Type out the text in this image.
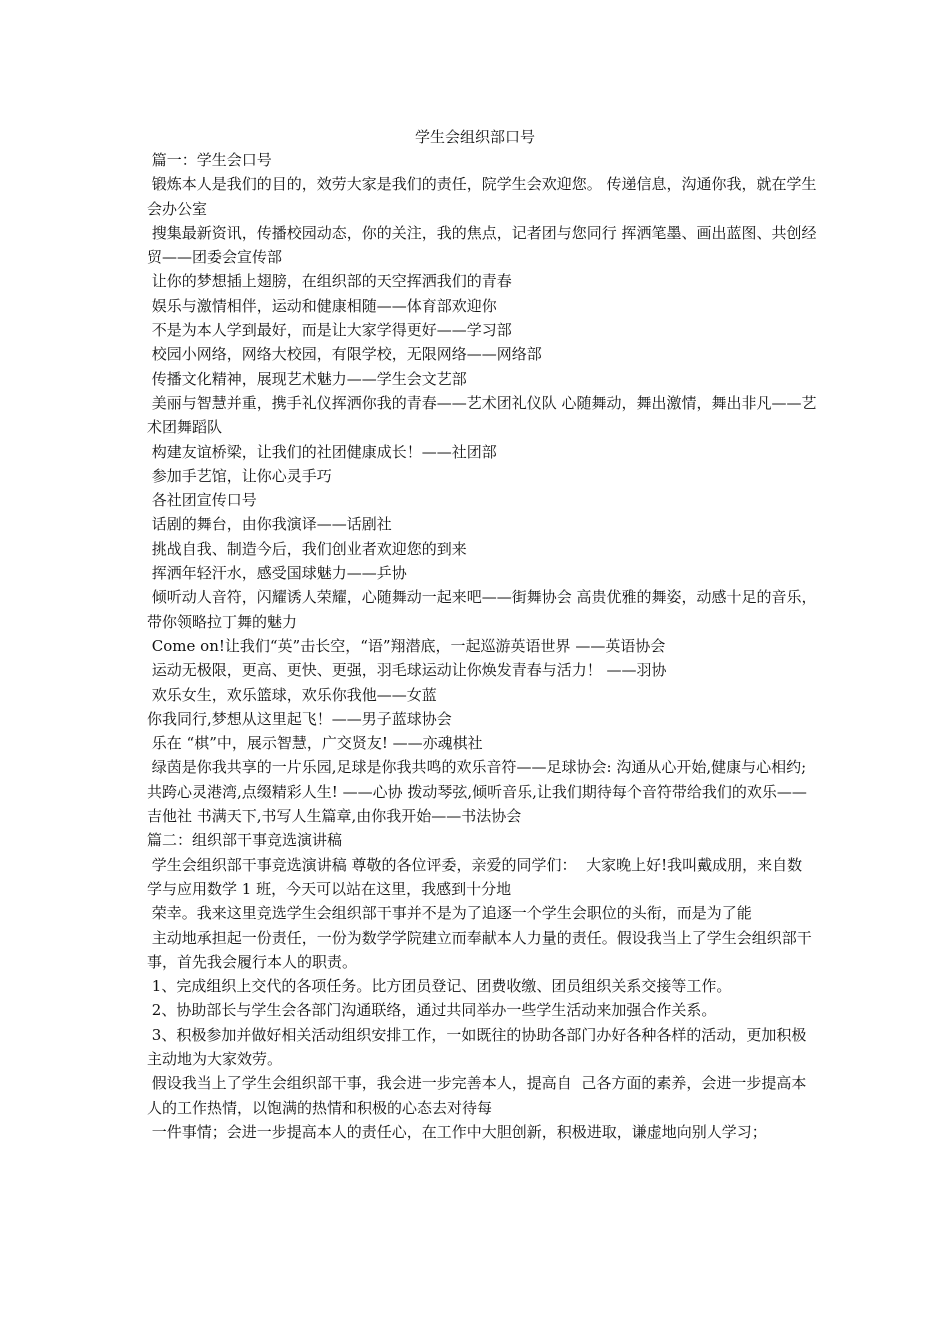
学生会组织部口号

篇一：学生会口号

锻炼本人是我们的目的，效劳大家是我们的责任，院学生会欢迎您。 传递信息，沟通你我，就在学生会办公室

搜集最新资讯，传播校园动态，你的关注，我的焦点，记者团与您同行 挥洒笔墨、画出蓝图、共创经贸——团委会宣传部

让你的梦想插上翅膀，在组织部的天空挥洒我们的青春

娱乐与激情相伴，运动和健康相随——体育部欢迎你

不是为本人学到最好，而是让大家学得更好——学习部

校园小网络，网络大校园，有限学校，无限网络——网络部

传播文化精神，展现艺术魅力——学生会文艺部

美丽与智慧并重，携手礼仪挥洒你我的青春——艺术团礼仪队 心随舞动，舞出激情，舞出非凡——艺术团舞蹈队

构建友谊桥梁，让我们的社团健康成长！——社团部

参加手艺馆，让你心灵手巧

各社团宣传口号

话剧的舞台，由你我演译——话剧社

挑战自我、制造今后，我们创业者欢迎您的到来

挥洒年轻汗水，感受国球魅力——乒协

倾听动人音符，闪耀诱人荣耀，心随舞动一起来吧——街舞协会 高贵优雅的舞姿，动感十足的音乐，带你领略拉丁舞的魅力

Come on!让我们“英”击长空，“语”翔潜底，一起巡游英语世界 ——英语协会

运动无极限，更高、更快、更强，羽毛球运动让你焕发青春与活力！ ——羽协

欢乐女生，欢乐篮球，欢乐你我他——女蓝

你我同行,梦想从这里起飞！——男子蓝球协会

乐在 “棋”中，展示智慧，广交贤友! ——亦魂棋社

绿茵是你我共享的一片乐园,足球是你我共鸣的欢乐音符——足球协会: 沟通从心开始,健康与心相约;共跨心灵港湾,点缀精彩人生! ——心协 拨动琴弦,倾听音乐,让我们期待每个音符带给我们的欢乐——吉他社 书满天下,书写人生篇章,由你我开始——书法协会

篇二：组织部干事竞选演讲稿

学生会组织部干事竞选演讲稿 尊敬的各位评委，亲爱的同学们：  大家晚上好!我叫戴成朋，来自数学与应用数学 1 班，今天可以站在这里，我感到十分地

荣幸。我来这里竞选学生会组织部干事并不是为了追逐一个学生会职位的头衔，而是为了能

主动地承担起一份责任，一份为数学学院建立而奉献本人力量的责任。假设我当上了学生会组织部干事，首先我会履行本人的职责。

1、完成组织上交代的各项任务。比方团员登记、团费收缴、团员组织关系交接等工作。

2、协助部长与学生会各部门沟通联络，通过共同举办一些学生活动来加强合作关系。

3、积极参加并做好相关活动组织安排工作，一如既往的协助各部门办好各种各样的活动，更加积极主动地为大家效劳。

假设我当上了学生会组织部干事，我会进一步完善本人，提高自  己各方面的素养，会进一步提高本人的工作热情，以饱满的热情和积极的心态去对待每

一件事情；会进一步提高本人的责任心，在工作中大胆创新，积极进取，谦虚地向别人学习；
